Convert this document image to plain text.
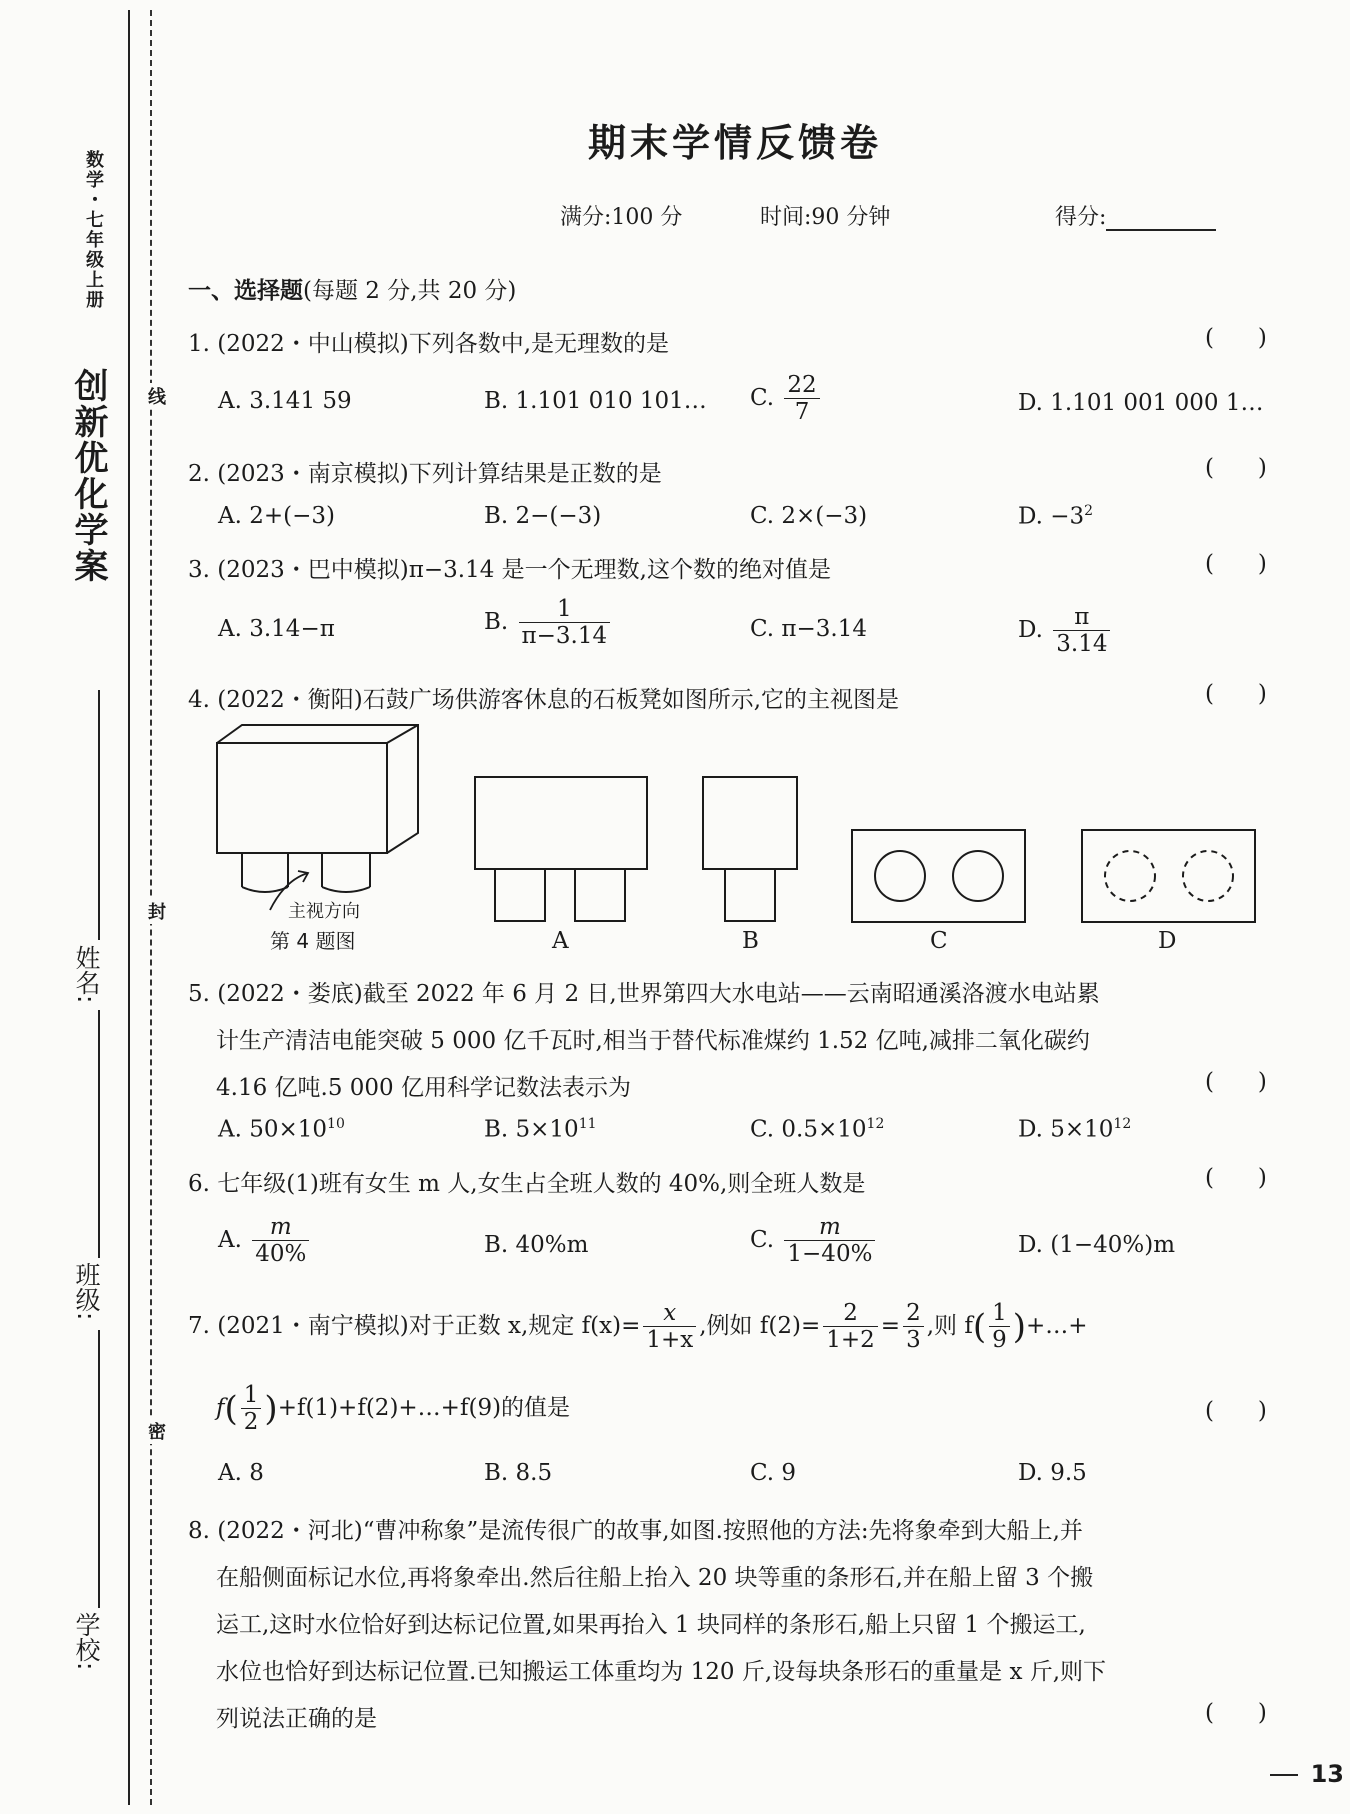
数学・七年级上册
创新优化学案
姓名:
班级:
学校:
线
封
密
期末学情反馈卷
满分:100 分	时间:90 分钟	得分:
一、选择题(每题 2 分,共 20 分)
1. (2022・中山模拟)下列各数中,是无理数的是	(      )
A. 3.141 59	B. 1.101 010 101… C. $\frac{22}{7}$	D. 1.101 001 000 1…
2. (2023・南京模拟)下列计算结果是正数的是	(      )
A. 2+(−3)	B. 2−(−3)	C. 2×(−3)	D. $-3^2$
3. (2023・巴中模拟)π−3.14 是一个无理数,这个数的绝对值是	(      )
A. 3.14−π	B. $\frac{1}{\pi-3.14}$	C. π−3.14	D. $\frac{\pi}{3.14}$
4. (2022・衡阳)石鼓广场供游客休息的石板凳如图所示,它的主视图是	(      )
主视方向
第 4 题图	A	B	C	D
5. (2022・娄底)截至 2022 年 6 月 2 日,世界第四大水电站——云南昭通溪洛渡水电站累
计生产清洁电能突破 5 000 亿千瓦时,相当于替代标准煤约 1.52 亿吨,减排二氧化碳约
4.16 亿吨.5 000 亿用科学记数法表示为	(      )
A. $50\times 10^{10}$	B. $5\times 10^{11}$	C. $0.5\times 10^{12}$	D. $5\times 10^{12}$
6. 七年级(1)班有女生 m 人,女生占全班人数的 40%,则全班人数是	(      )
A. $\frac{m}{40\%}$	B. 40%m	C. $\frac{m}{1-40\%}$	D. (1−40%)m
7. (2021・南宁模拟)对于正数 x,规定 $f(x)= \frac{x}{1+x}$ ,例如 $f(2)= \frac{2}{1+2} = \frac{2}{3}$ ,则 $f( \frac{1}{9}$ )+…+
$f( \frac{1}{2}$ )+f(1)+f(2)+…+f(9)的值是	(      )
A. 8	B. 8.5	C. 9	D. 9.5
8. (2022・河北)“曹冲称象”是流传很广的故事,如图.按照他的方法:先将象牵到大船上,并
在船侧面标记水位,再将象牵出.然后往船上抬入 20 块等重的条形石,并在船上留 3 个搬
运工,这时水位恰好到达标记位置,如果再抬入 1 块同样的条形石,船上只留 1 个搬运工,
水位也恰好到达标记位置.已知搬运工体重均为 120 斤,设每块条形石的重量是 x 斤,则下
列说法正确的是	(      )
13
